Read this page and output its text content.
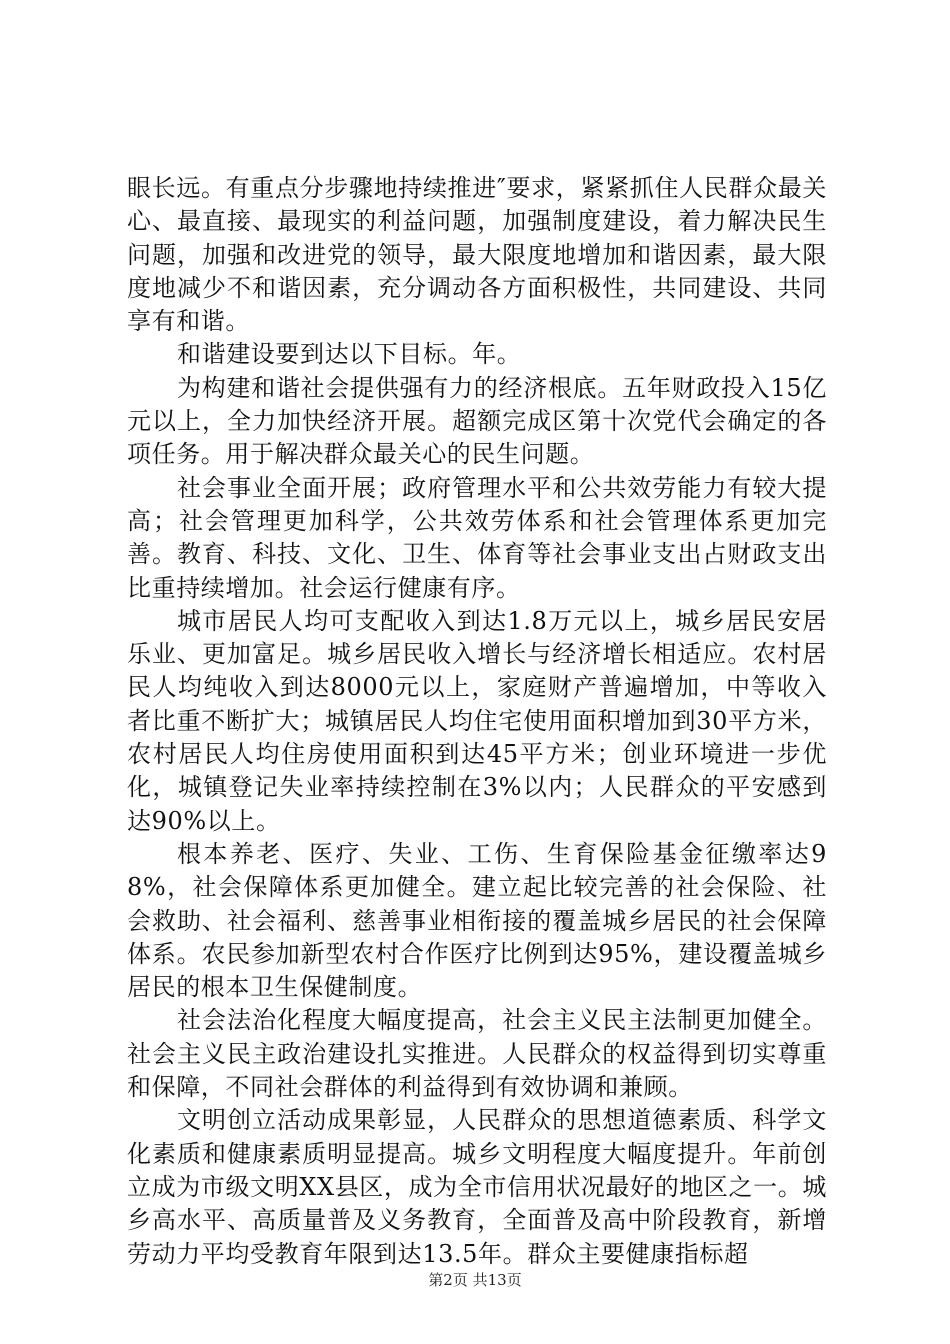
眼长远。有重点分步骤地持续推进″要求，紧紧抓住人民群众最关心、最直接、最现实的利益问题，加强制度建设，着力解决民生问题，加强和改进党的领导，最大限度地增加和谐因素，最大限度地减少不和谐因素，充分调动各方面积极性，共同建设、共同享有和谐。

和谐建设要到达以下目标。年。

为构建和谐社会提供强有力的经济根底。五年财政投入15亿元以上，全力加快经济开展。超额完成区第十次党代会确定的各项任务。用于解决群众最关心的民生问题。

社会事业全面开展；政府管理水平和公共效劳能力有较大提高；社会管理更加科学，公共效劳体系和社会管理体系更加完善。教育、科技、文化、卫生、体育等社会事业支出占财政支出比重持续增加。社会运行健康有序。

城市居民人均可支配收入到达1.8万元以上，城乡居民安居乐业、更加富足。城乡居民收入增长与经济增长相适应。农村居民人均纯收入到达8000元以上，家庭财产普遍增加，中等收入者比重不断扩大；城镇居民人均住宅使用面积增加到30平方米，农村居民人均住房使用面积到达45平方米；创业环境进一步优化，城镇登记失业率持续控制在3%以内；人民群众的平安感到达90%以上。

根本养老、医疗、失业、工伤、生育保险基金征缴率达98%，社会保障体系更加健全。建立起比较完善的社会保险、社会救助、社会福利、慈善事业相衔接的覆盖城乡居民的社会保障体系。农民参加新型农村合作医疗比例到达95%，建设覆盖城乡居民的根本卫生保健制度。

社会法治化程度大幅度提高，社会主义民主法制更加健全。社会主义民主政治建设扎实推进。人民群众的权益得到切实尊重和保障，不同社会群体的利益得到有效协调和兼顾。

文明创立活动成果彰显，人民群众的思想道德素质、科学文化素质和健康素质明显提高。城乡文明程度大幅度提升。年前创立成为市级文明XX县区，成为全市信用状况最好的地区之一。城乡高水平、高质量普及义务教育，全面普及高中阶段教育，新增劳动力平均受教育年限到达13.5年。群众主要健康指标超

第2页 共13页
